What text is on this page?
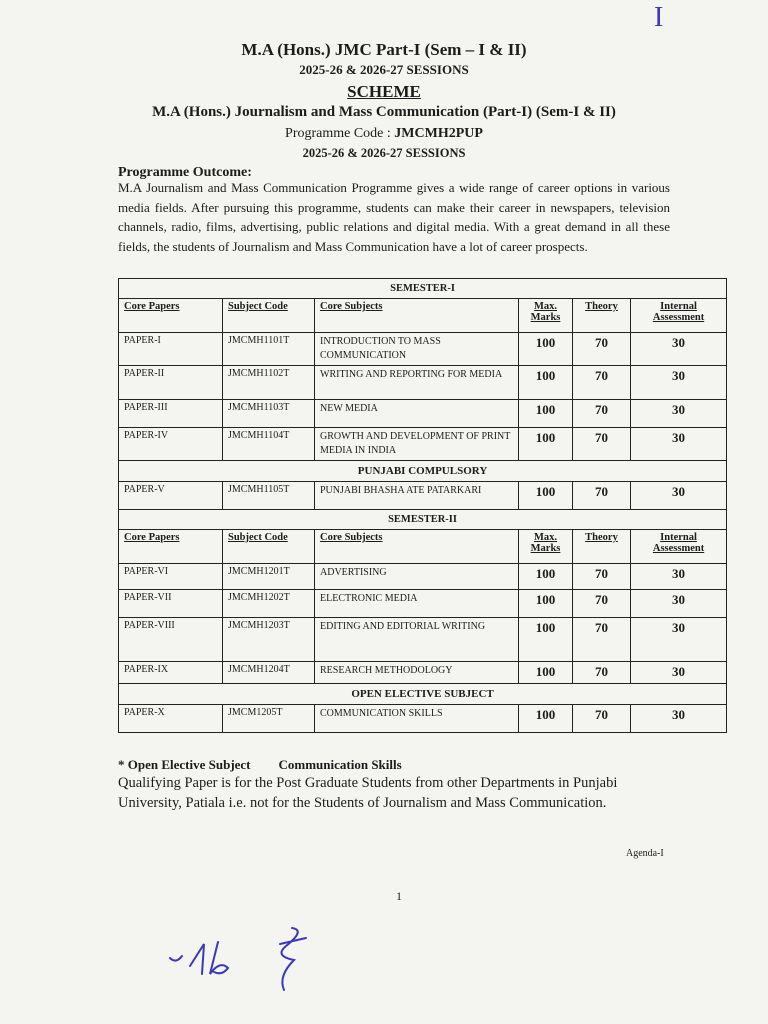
I
M.A (Hons.) JMC Part-I (Sem – I & II)
2025-26 & 2026-27 SESSIONS
SCHEME
M.A (Hons.) Journalism and Mass Communication (Part-I) (Sem-I & II)
Programme Code : JMCMH2PUP
2025-26 & 2026-27 SESSIONS
Programme Outcome:
M.A Journalism and Mass Communication Programme gives a wide range of career options in various media fields. After pursuing this programme, students can make their career in newspapers, television channels, radio, films, advertising, public relations and digital media. With a great demand in all these fields, the students of Journalism and Mass Communication have a lot of career prospects.
SEMESTER-I					
Core Papers	Subject Code	Core Subjects	Max. Marks	Theory	Internal Assessment
PAPER-I	JMCMH1101T	INTRODUCTION TO MASS COMMUNICATION	100	70	30
PAPER-II	JMCMH1102T	WRITING AND REPORTING FOR MEDIA	100	70	30
PAPER-III	JMCMH1103T	NEW MEDIA	100	70	30
PAPER-IV	JMCMH1104T	GROWTH AND DEVELOPMENT OF PRINT MEDIA IN INDIA	100	70	30
PUNJABI COMPULSORY					
PAPER-V	JMCMH1105T	PUNJABI BHASHA ATE PATARKARI	100	70	30
SEMESTER-II					
Core Papers	Subject Code	Core Subjects	Max. Marks	Theory	Internal Assessment
PAPER-VI	JMCMH1201T	ADVERTISING	100	70	30
PAPER-VII	JMCMH1202T	ELECTRONIC MEDIA	100	70	30
PAPER-VIII	JMCMH1203T	EDITING AND EDITORIAL WRITING	100	70	30
PAPER-IX	JMCMH1204T	RESEARCH METHODOLOGY	100	70	30
OPEN ELECTIVE SUBJECT					
PAPER-X	JMCM1205T	COMMUNICATION SKILLS	100	70	30
* Open Elective Subject Communication Skills
Qualifying Paper is for the Post Graduate Students from other Departments in Punjabi University, Patiala i.e. not for the Students of Journalism and Mass Communication.
Agenda-I
1
